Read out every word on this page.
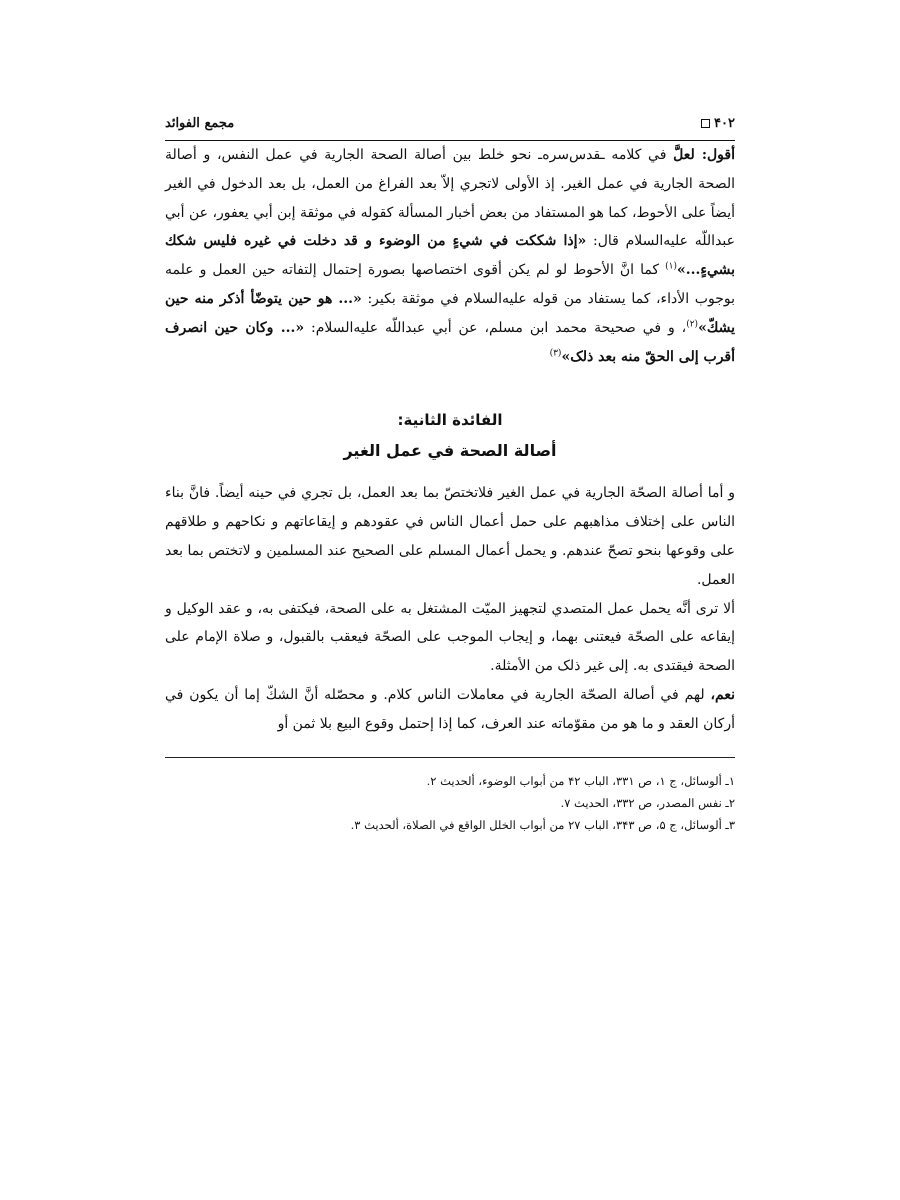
۴۰۲
مجمع الفوائد

أقول: لعلَّ في كلامه ـقدس‌سره‌ـ نحو خلط بين أصالة الصحة الجارية في عمل النفس، و أصالة الصحة الجارية في عمل الغير. إذ الأولى لاتجري إلاّ بعد الفراغ من العمل، بل بعد الدخول في الغير أيضاً على الأحوط، كما هو المستفاد من بعض أخبار المسألة كقوله في موثقة إبن أبي يعفور، عن أبي عبداللّه عليه‌السلام قال: «إذا شككت في شيءٍ من الوضوء و قد دخلت في غيره فليس شكك بشيءٍ...»$^{(١)}$ كما انَّ الأحوط لو لم يكن أقوى اختصاصها بصورة إحتمال إلتفاته حين العمل و علمه بوجوب الأداء، كما يستفاد من قوله عليه‌السلام في موثقة بكير: «... هو حين يتوضّأ أذكر منه حين يشكّ»$^{(٢)}$، و في صحيحة محمد ابن مسلم، عن أبي عبداللّه عليه‌السلام: «... وكان حين انصرف أقرب إلى الحقّ منه بعد ذلک»$^{(٣)}$

الفائدة الثانية:
أصالة الصحة في عمل الغير

و أما أصالة الصحّة الجارية في عمل الغير فلاتختصّ بما بعد العمل، بل تجري في حينه أيضاً. فانَّ بناء الناس على إختلاف مذاهبهم على حمل أعمال الناس في عقودهم و إيقاعاتهم و نكاحهم و طلاقهم على وقوعها بنحو تصحّ عندهم. و يحمل أعمال المسلم على الصحيح عند المسلمين و لاتختص بما بعد العمل.

ألا ترى أنَّه يحمل عمل المتصدي لتجهيز الميّت المشتغل به على الصحة، فيكتفى به، و عقد الوكيل و إيقاعه على الصحّة فيعتنى بهما، و إيجاب الموجب على الصحّة فيعقب بالقبول، و صلاة الإمام على الصحة فيقتدى به. إلى غير ذلک من الأمثلة.

نعم، لهم في أصالة الصحّة الجارية في معاملات الناس كلام. و محصّله أنَّ الشكّ إما أن يكون في أركان العقد و ما هو من مقوّماته عند العرف، كما إذا إحتمل وقوع البيع بلا ثمن أو

١ـ ألوسائل، ج ١، ص ٣٣١، الباب ۴٢ من أبواب الوضوء، ألحديث ٢.
٢ـ نفس المصدر، ص ٣٣٢، الحديث ٧.
٣ـ ألوسائل، ج ۵، ص ٣۴٣، الباب ٢٧ من أبواب الخلل الواقع في الصلاة، ألحديث ٣.
